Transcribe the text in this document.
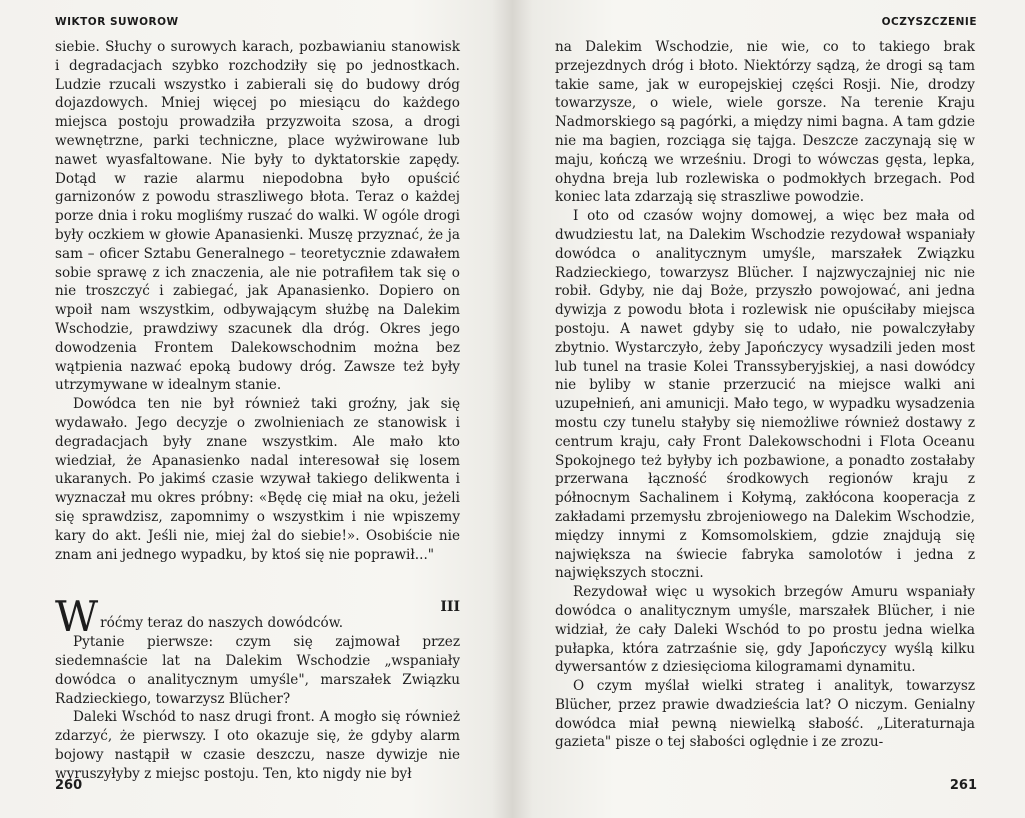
WIKTOR SUWOROW

siebie. Słuchy o surowych karach, pozbawianiu stanowisk i degradacjach szybko rozchodziły się po jednostkach. Ludzie rzucali wszystko i zabierali się do budowy dróg dojazdowych. Mniej więcej po miesiącu do każdego miejsca postoju prowadziła przyzwoita szosa, a drogi wewnętrzne, parki techniczne, place wyżwirowane lub nawet wyasfaltowane. Nie były to dyktatorskie zapędy. Dotąd w razie alarmu niepodobna było opuścić garnizonów z powodu straszliwego błota. Teraz o każdej porze dnia i roku mogliśmy ruszać do walki. W ogóle drogi były oczkiem w głowie Apanasienki. Muszę przyznać, że ja sam – oficer Sztabu Generalnego – teoretycznie zdawałem sobie sprawę z ich znaczenia, ale nie potrafiłem tak się o nie troszczyć i zabiegać, jak Apanasienko. Dopiero on wpoił nam wszystkim, odbywającym służbę na Dalekim Wschodzie, prawdziwy szacunek dla dróg. Okres jego dowodzenia Frontem Dalekowschodnim można bez wątpienia nazwać epoką budowy dróg. Zawsze też były utrzymywane w idealnym stanie.

Dowódca ten nie był również taki groźny, jak się wydawało. Jego decyzje o zwolnieniach ze stanowisk i degradacjach były znane wszystkim. Ale mało kto wiedział, że Apanasienko nadal interesował się losem ukaranych. Po jakimś czasie wzywał takiego delikwenta i wyznaczał mu okres próbny: «Będę cię miał na oku, jeżeli się sprawdzisz, zapomnimy o wszystkim i nie wpiszemy kary do akt. Jeśli nie, miej żal do siebie!». Osobiście nie znam ani jednego wypadku, by ktoś się nie poprawił..."

III

W róćmy teraz do naszych dowódców.

Pytanie pierwsze: czym się zajmował przez siedemnaście lat na Dalekim Wschodzie „wspaniały dowódca o analitycznym umyśle", marszałek Związku Radzieckiego, towarzysz Blücher?

Daleki Wschód to nasz drugi front. A mogło się również zdarzyć, że pierwszy. I oto okazuje się, że gdyby alarm bojowy nastąpił w czasie deszczu, nasze dywizje nie wyruszyłyby z miejsc postoju. Ten, kto nigdy nie był

260
OCZYSZCZENIE

na Dalekim Wschodzie, nie wie, co to takiego brak przejezdnych dróg i błoto. Niektórzy sądzą, że drogi są tam takie same, jak w europejskiej części Rosji. Nie, drodzy towarzysze, o wiele, wiele gorsze. Na terenie Kraju Nadmorskiego są pagórki, a między nimi bagna. A tam gdzie nie ma bagien, rozciąga się tajga. Deszcze zaczynają się w maju, kończą we wrześniu. Drogi to wówczas gęsta, lepka, ohydna breja lub rozlewiska o podmokłych brzegach. Pod koniec lata zdarzają się straszliwe powodzie.

I oto od czasów wojny domowej, a więc bez mała od dwudziestu lat, na Dalekim Wschodzie rezydował wspaniały dowódca o analitycznym umyśle, marszałek Związku Radzieckiego, towarzysz Blücher. I najzwyczajniej nic nie robił. Gdyby, nie daj Boże, przyszło powojować, ani jedna dywizja z powodu błota i rozlewisk nie opuściłaby miejsca postoju. A nawet gdyby się to udało, nie powalczyłaby zbytnio. Wystarczyło, żeby Japończycy wysadzili jeden most lub tunel na trasie Kolei Transsyberyjskiej, a nasi dowódcy nie byliby w stanie przerzucić na miejsce walki ani uzupełnień, ani amunicji. Mało tego, w wypadku wysadzenia mostu czy tunelu stałyby się niemożliwe również dostawy z centrum kraju, cały Front Dalekowschodni i Flota Oceanu Spokojnego też byłyby ich pozbawione, a ponadto zostałaby przerwana łączność środkowych regionów kraju z północnym Sachalinem i Kołymą, zakłócona kooperacja z zakładami przemysłu zbrojeniowego na Dalekim Wschodzie, między innymi z Komsomolskiem, gdzie znajdują się największa na świecie fabryka samolotów i jedna z największych stoczni.

Rezydował więc u wysokich brzegów Amuru wspaniały dowódca o analitycznym umyśle, marszałek Blücher, i nie widział, że cały Daleki Wschód to po prostu jedna wielka pułapka, która zatrzaśnie się, gdy Japończycy wyślą kilku dywersantów z dziesięcioma kilogramami dynamitu.

O czym myślał wielki strateg i analityk, towarzysz Blücher, przez prawie dwadzieścia lat? O niczym. Genialny dowódca miał pewną niewielką słabość. „Literaturnaja gazieta" pisze o tej słabości oględnie i ze zrozu-

261
